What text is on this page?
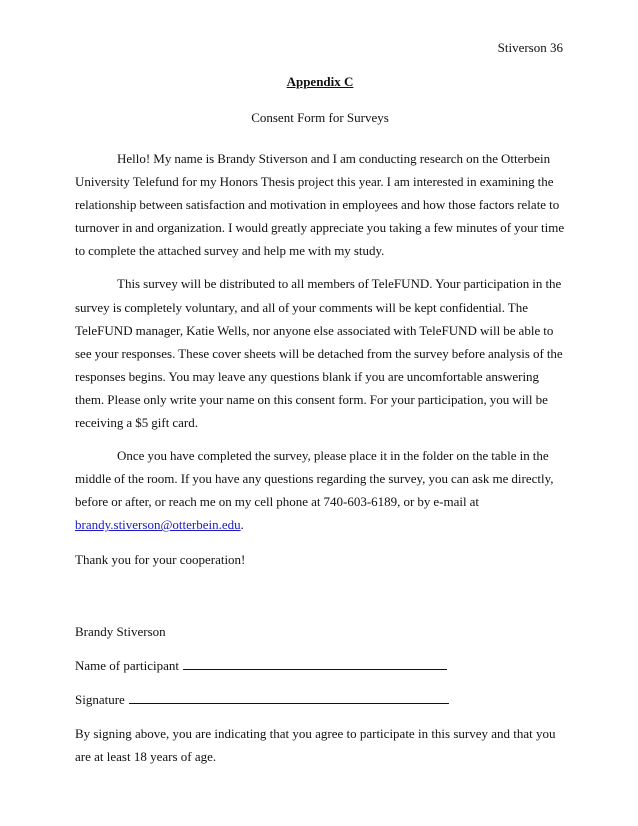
Stiverson 36
Appendix C
Consent Form for Surveys

Hello! My name is Brandy Stiverson and I am conducting research on the Otterbein University Telefund for my Honors Thesis project this year. I am interested in examining the relationship between satisfaction and motivation in employees and how those factors relate to turnover in and organization. I would greatly appreciate you taking a few minutes of your time to complete the attached survey and help me with my study.

This survey will be distributed to all members of TeleFUND. Your participation in the survey is completely voluntary, and all of your comments will be kept confidential. The TeleFUND manager, Katie Wells, nor anyone else associated with TeleFUND will be able to see your responses. These cover sheets will be detached from the survey before analysis of the responses begins. You may leave any questions blank if you are uncomfortable answering them. Please only write your name on this consent form. For your participation, you will be receiving a $5 gift card.

Once you have completed the survey, please place it in the folder on the table in the middle of the room. If you have any questions regarding the survey, you can ask me directly, before or after, or reach me on my cell phone at 740-603-6189, or by e-mail at brandy.stiverson@otterbein.edu.

Thank you for your cooperation!
Brandy Stiverson
Name of participant
Signature

By signing above, you are indicating that you agree to participate in this survey and that you are at least 18 years of age.
